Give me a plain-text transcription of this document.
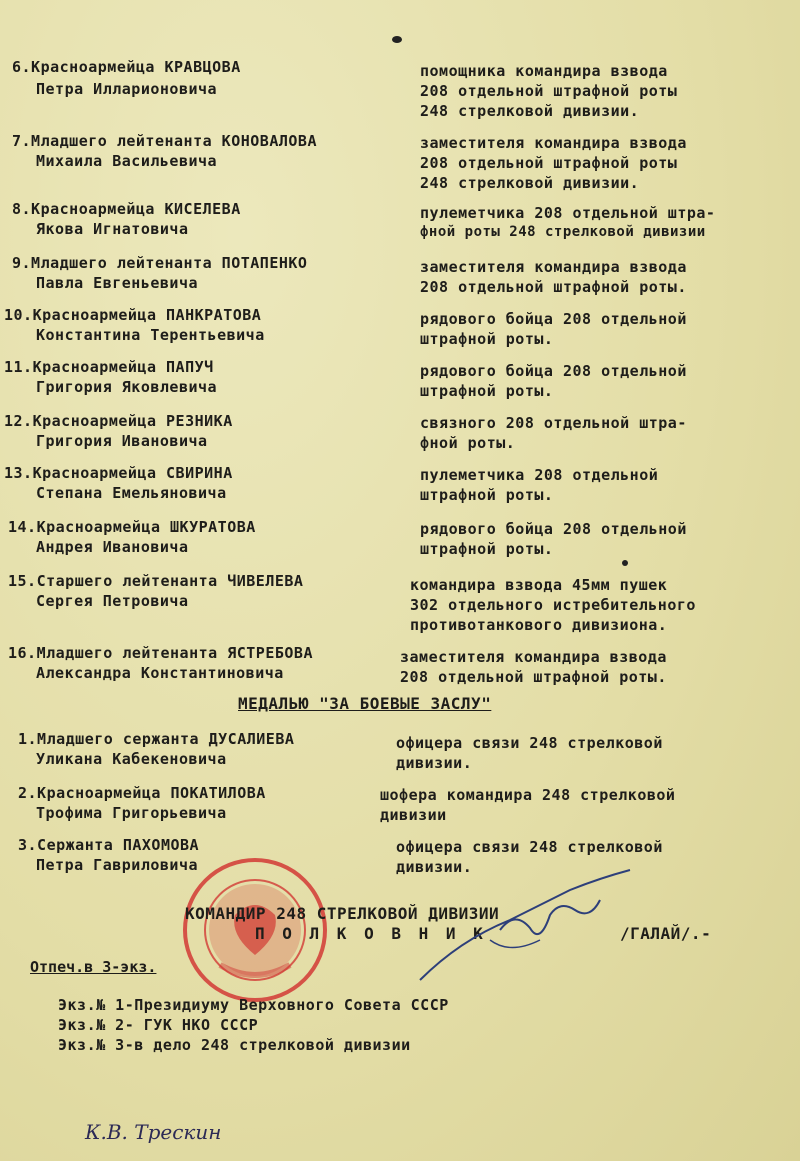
6.Красноармейца КРАВЦОВА
Петра Илларионовича
помощника командира взвода
208 отдельной штрафной роты
248 стрелковой дивизии.
7.Младшего лейтенанта КОНОВАЛОВА
Михаила Васильевича
заместителя командира взвода
208 отдельной штрафной роты
248 стрелковой дивизии.
8.Красноармейца КИСЕЛЕВА
Якова Игнатовича
пулеметчика 208 отдельной штра-
фной роты 248 стрелковой дивизии
9.Младшего лейтенанта ПОТАПЕНКО
Павла Евгеньевича
заместителя командира взвода
208 отдельной штрафной роты.
10.Красноармейца ПАНКРАТОВА
Константина Терентьевича
рядового бойца 208 отдельной
штрафной роты.
11.Красноармейца ПАПУЧ
Григория Яковлевича
рядового бойца 208 отдельной
штрафной роты.
12.Красноармейца РЕЗНИКА
Григория Ивановича
связного 208 отдельной штра-
фной роты.
13.Красноармейца СВИРИНА
Степана Емельяновича
пулеметчика 208 отдельной
штрафной роты.
14.Красноармейца ШКУРАТОВА
Андрея Ивановича
рядового бойца 208 отдельной
штрафной роты.
15.Старшего лейтенанта ЧИВЕЛЕВА
Сергея Петровича
командира взвода 45мм пушек
302 отдельного истребительного
противотанкового дивизиона.
16.Младшего лейтенанта ЯСТРЕБОВА
Александра Константиновича
заместителя командира взвода
208 отдельной штрафной роты.
МЕДАЛЬЮ "ЗА БОЕВЫЕ ЗАСЛУ"
1.Младшего сержанта ДУСАЛИЕВА
Уликана Кабекеновича
офицера связи 248 стрелковой
дивизии.
2.Красноармейца ПОКАТИЛОВА
Трофима Григорьевича
шофера командира 248 стрелковой
дивизии
3.Сержанта ПАХОМОВА
Петра Гавриловича
офицера связи 248 стрелковой
дивизии.
КОМАНДИР 248 СТРЕЛКОВОЙ ДИВИЗИИ
П О Л К О В Н И К	/ГАЛАЙ/.-
Отпеч.в 3-экз.
Экз.№ 1-Президиуму Верховного Совета СССР
Экз.№ 2- ГУК НКО СССР
Экз.№ 3-в дело 248 стрелковой дивизии
К.В. Трескин
